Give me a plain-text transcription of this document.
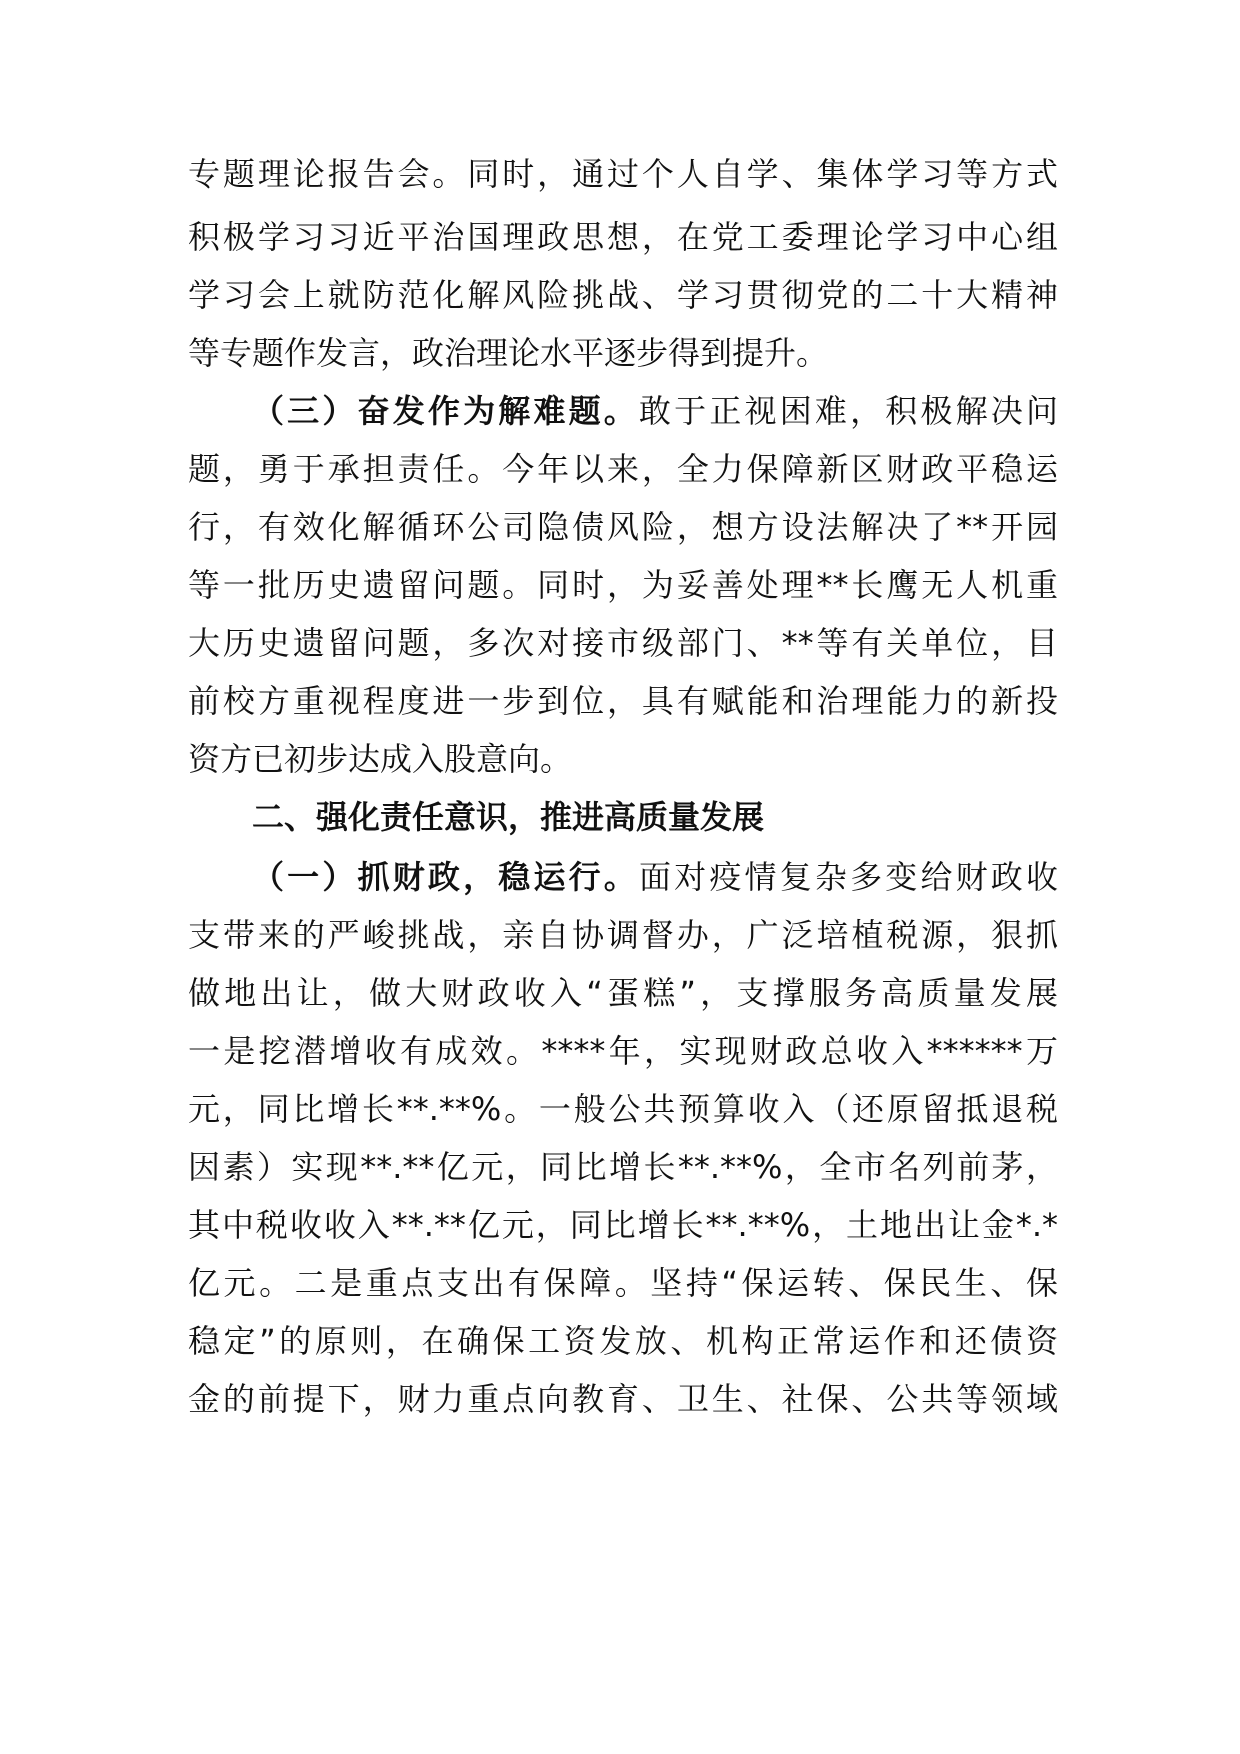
专题理论报告会。同时，通过个人自学、集体学习等方式
积极学习习近平治国理政思想，在党工委理论学习中心组
学习会上就防范化解风险挑战、学习贯彻党的二十大精神
等专题作发言，政治理论水平逐步得到提升。
（三）奋发作为解难题。敢于正视困难，积极解决问
题，勇于承担责任。今年以来，全力保障新区财政平稳运
行，有效化解循环公司隐债风险，想方设法解决了**开园
等一批历史遗留问题。同时，为妥善处理**长鹰无人机重
大历史遗留问题，多次对接市级部门、**等有关单位，目
前校方重视程度进一步到位，具有赋能和治理能力的新投
资方已初步达成入股意向。
二、强化责任意识，推进高质量发展
（一）抓财政，稳运行。面对疫情复杂多变给财政收
支带来的严峻挑战，亲自协调督办，广泛培植税源，狠抓
做地出让，做大财政收入“蛋糕”，支撑服务高质量发展
一是挖潜增收有成效。****年，实现财政总收入******万
元，同比增长**.**%。一般公共预算收入（还原留抵退税
因素）实现**.**亿元，同比增长**.**%，全市名列前茅，
其中税收收入**.**亿元，同比增长**.**%，土地出让金*.*
亿元。二是重点支出有保障。坚持“保运转、保民生、保
稳定”的原则，在确保工资发放、机构正常运作和还债资
金的前提下，财力重点向教育、卫生、社保、公共等领域
